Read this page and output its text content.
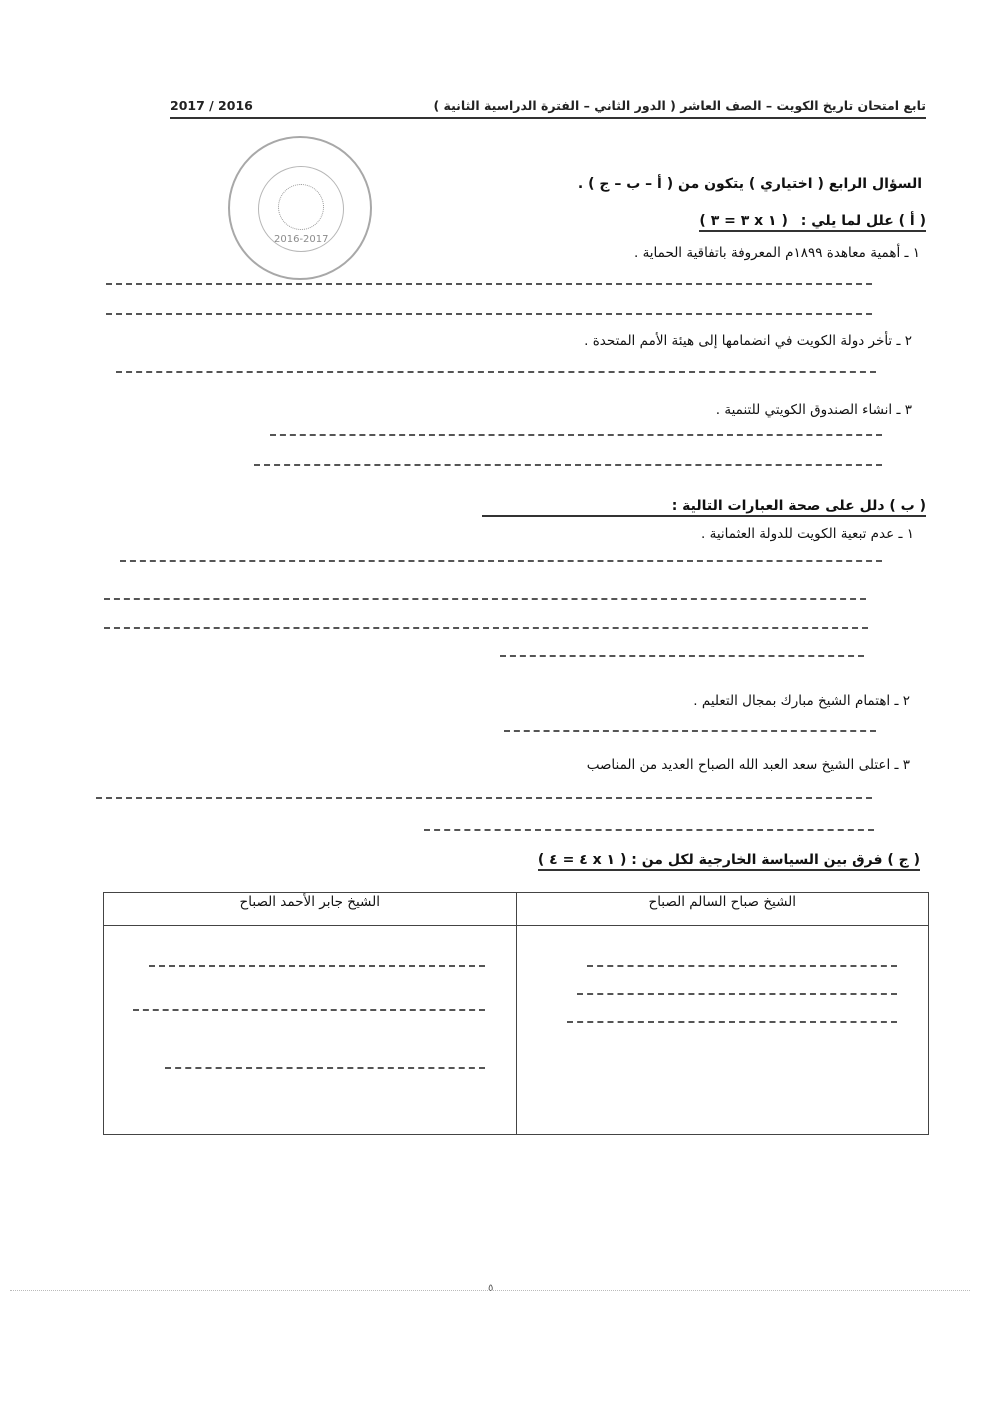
تابع امتحان تاريخ الكويت – الصف العاشر ( الدور الثاني – الفترة الدراسية الثانية )
2017 / 2016
2016-2017
السؤال الرابع ( اختياري ) يتكون من ( أ – ب – ج ) .
( أ ) علل لما يلي : ( ١ x ٣ = ٣ )
١ ـ أهمية معاهدة ١٨٩٩م المعروفة باتفاقية الحماية .
٢ ـ تأخر دولة الكويت في انضمامها إلى هيئة الأمم المتحدة .
٣ ـ انشاء الصندوق الكويتي للتنمية .
( ب ) دلل على صحة العبارات التالية :
١ ـ عدم تبعية الكويت للدولة العثمانية .
٢ ـ اهتمام الشيخ مبارك بمجال التعليم .
٣ ـ اعتلى الشيخ سعد العبد الله الصباح العديد من المناصب
( ج ) فرق بين السياسة الخارجية لكل من : ( ١ x ٤ = ٤ )
الشيخ صباح السالم الصباح	الشيخ جابر الأحمد الصباح

٥
